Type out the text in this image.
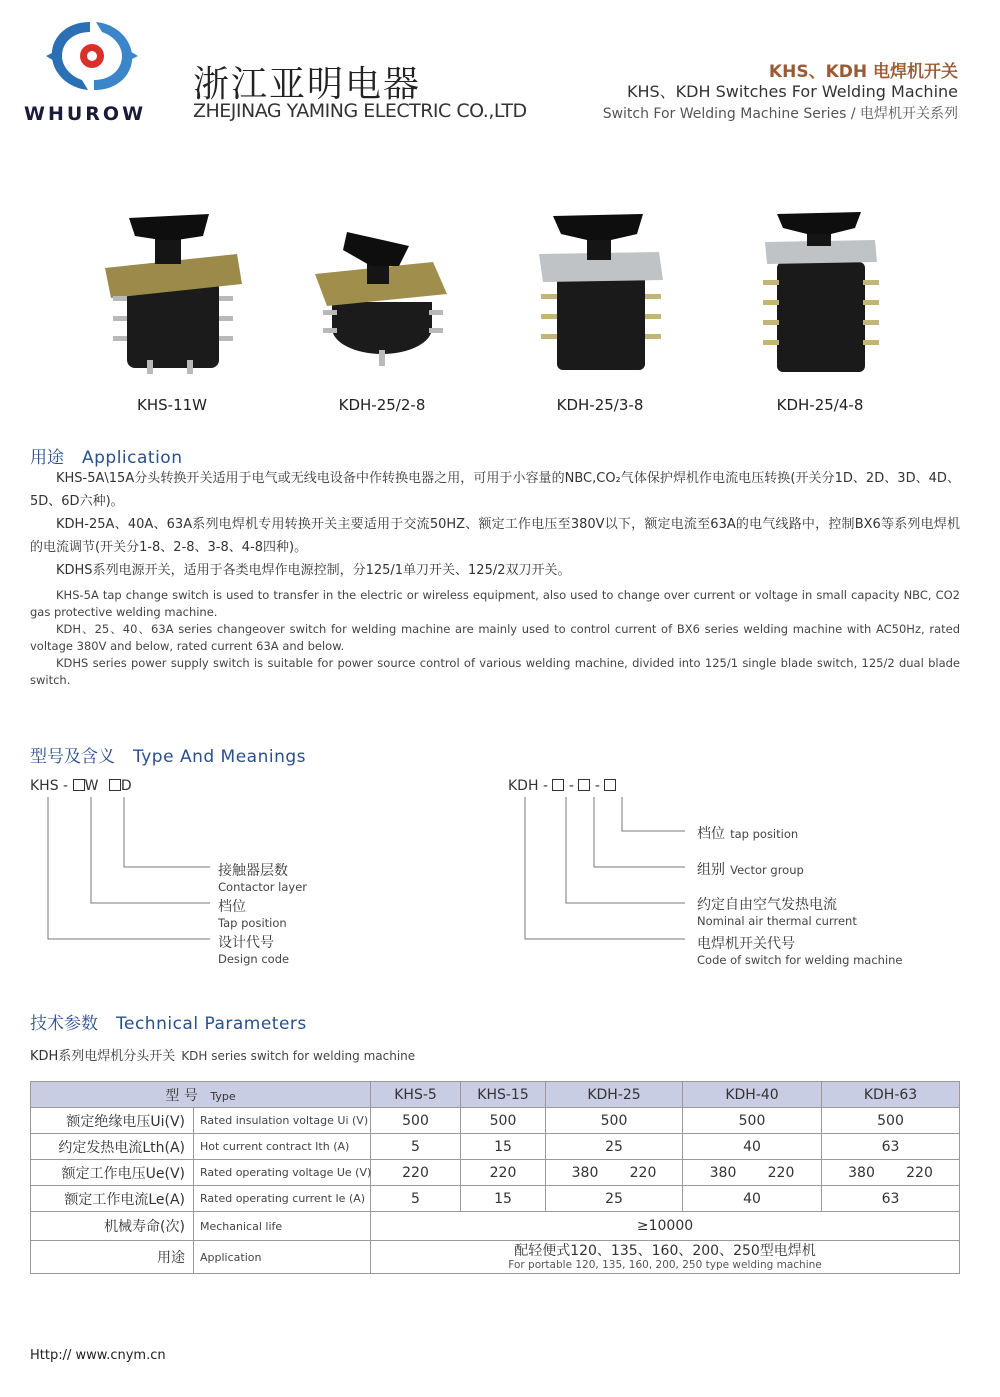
WHUROW
浙江亚明电器
ZHEJINAG YAMING ELECTRIC CO.,LTD
KHS、KDH 电焊机开关
KHS、KDH Switches For Welding Machine
Switch For Welding Machine Series / 电焊机开关系列
KHS-11W	KDH-25/2-8	KDH-25/3-8	KDH-25/4-8
用途 Application
KHS-5A\15A分头转换开关适用于电气或无线电设备中作转换电器之用，可用于小容量的NBC,CO₂气体保护焊机作电流电压转换(开关分1D、2D、3D、4D、5D、6D六种)。
KDH-25A、40A、63A系列电焊机专用转换开关主要适用于交流50HZ、额定工作电压至380V以下，额定电流至63A的电气线路中，控制BX6等系列电焊机的电流调节(开关分1-8、2-8、3-8、4-8四种)。
KDHS系列电源开关，适用于各类电焊作电源控制，分125/1单刀开关、125/2双刀开关。
KHS-5A tap change switch is used to transfer in the electric or wireless equipment, also used to change over current or voltage in small capacity NBC, CO2 gas protective welding machine.
KDH、25、40、63A series changeover switch for welding machine are mainly used to control current of BX6 series welding machine with AC50Hz, rated voltage 380V and below, rated current 63A and below.
KDHS series power supply switch is suitable for power source control of various welding machine, divided into 125/1 single blade switch, 125/2 dual blade switch.
型号及含义 Type And Meanings
KHS - W D
接触器层数
Contactor layer
档位
Tap position
设计代号
Design code
KDH - - -
档位 tap position
组别 Vector group
约定自由空气发热电流
Nominal air thermal current
电焊机开关代号
Code of switch for welding machine
技术参数 Technical Parameters
KDH系列电焊机分头开关 KDH series switch for welding machine
型 号 Type		KHS-5	KHS-15	KDH-25	KDH-40	KDH-63
额定绝缘电压Ui(V)	Rated insulation voltage Ui (V)	500	500	500	500	500
约定发热电流Lth(A)	Hot current contract Ith (A)	5	15	25	40	63
额定工作电压Ue(V)	Rated operating voltage Ue (V)	220	220	380 220	380 220	380 220
额定工作电流Le(A)	Rated operating current Ie (A)	5	15	25	40	63
机械寿命(次)	Mechanical life	≥10000				
用途	Application	配轻便式120、135、160、200、250型电焊机
For portable 120, 135, 160, 200, 250 type welding machine				
Http:// www.cnym.cn
